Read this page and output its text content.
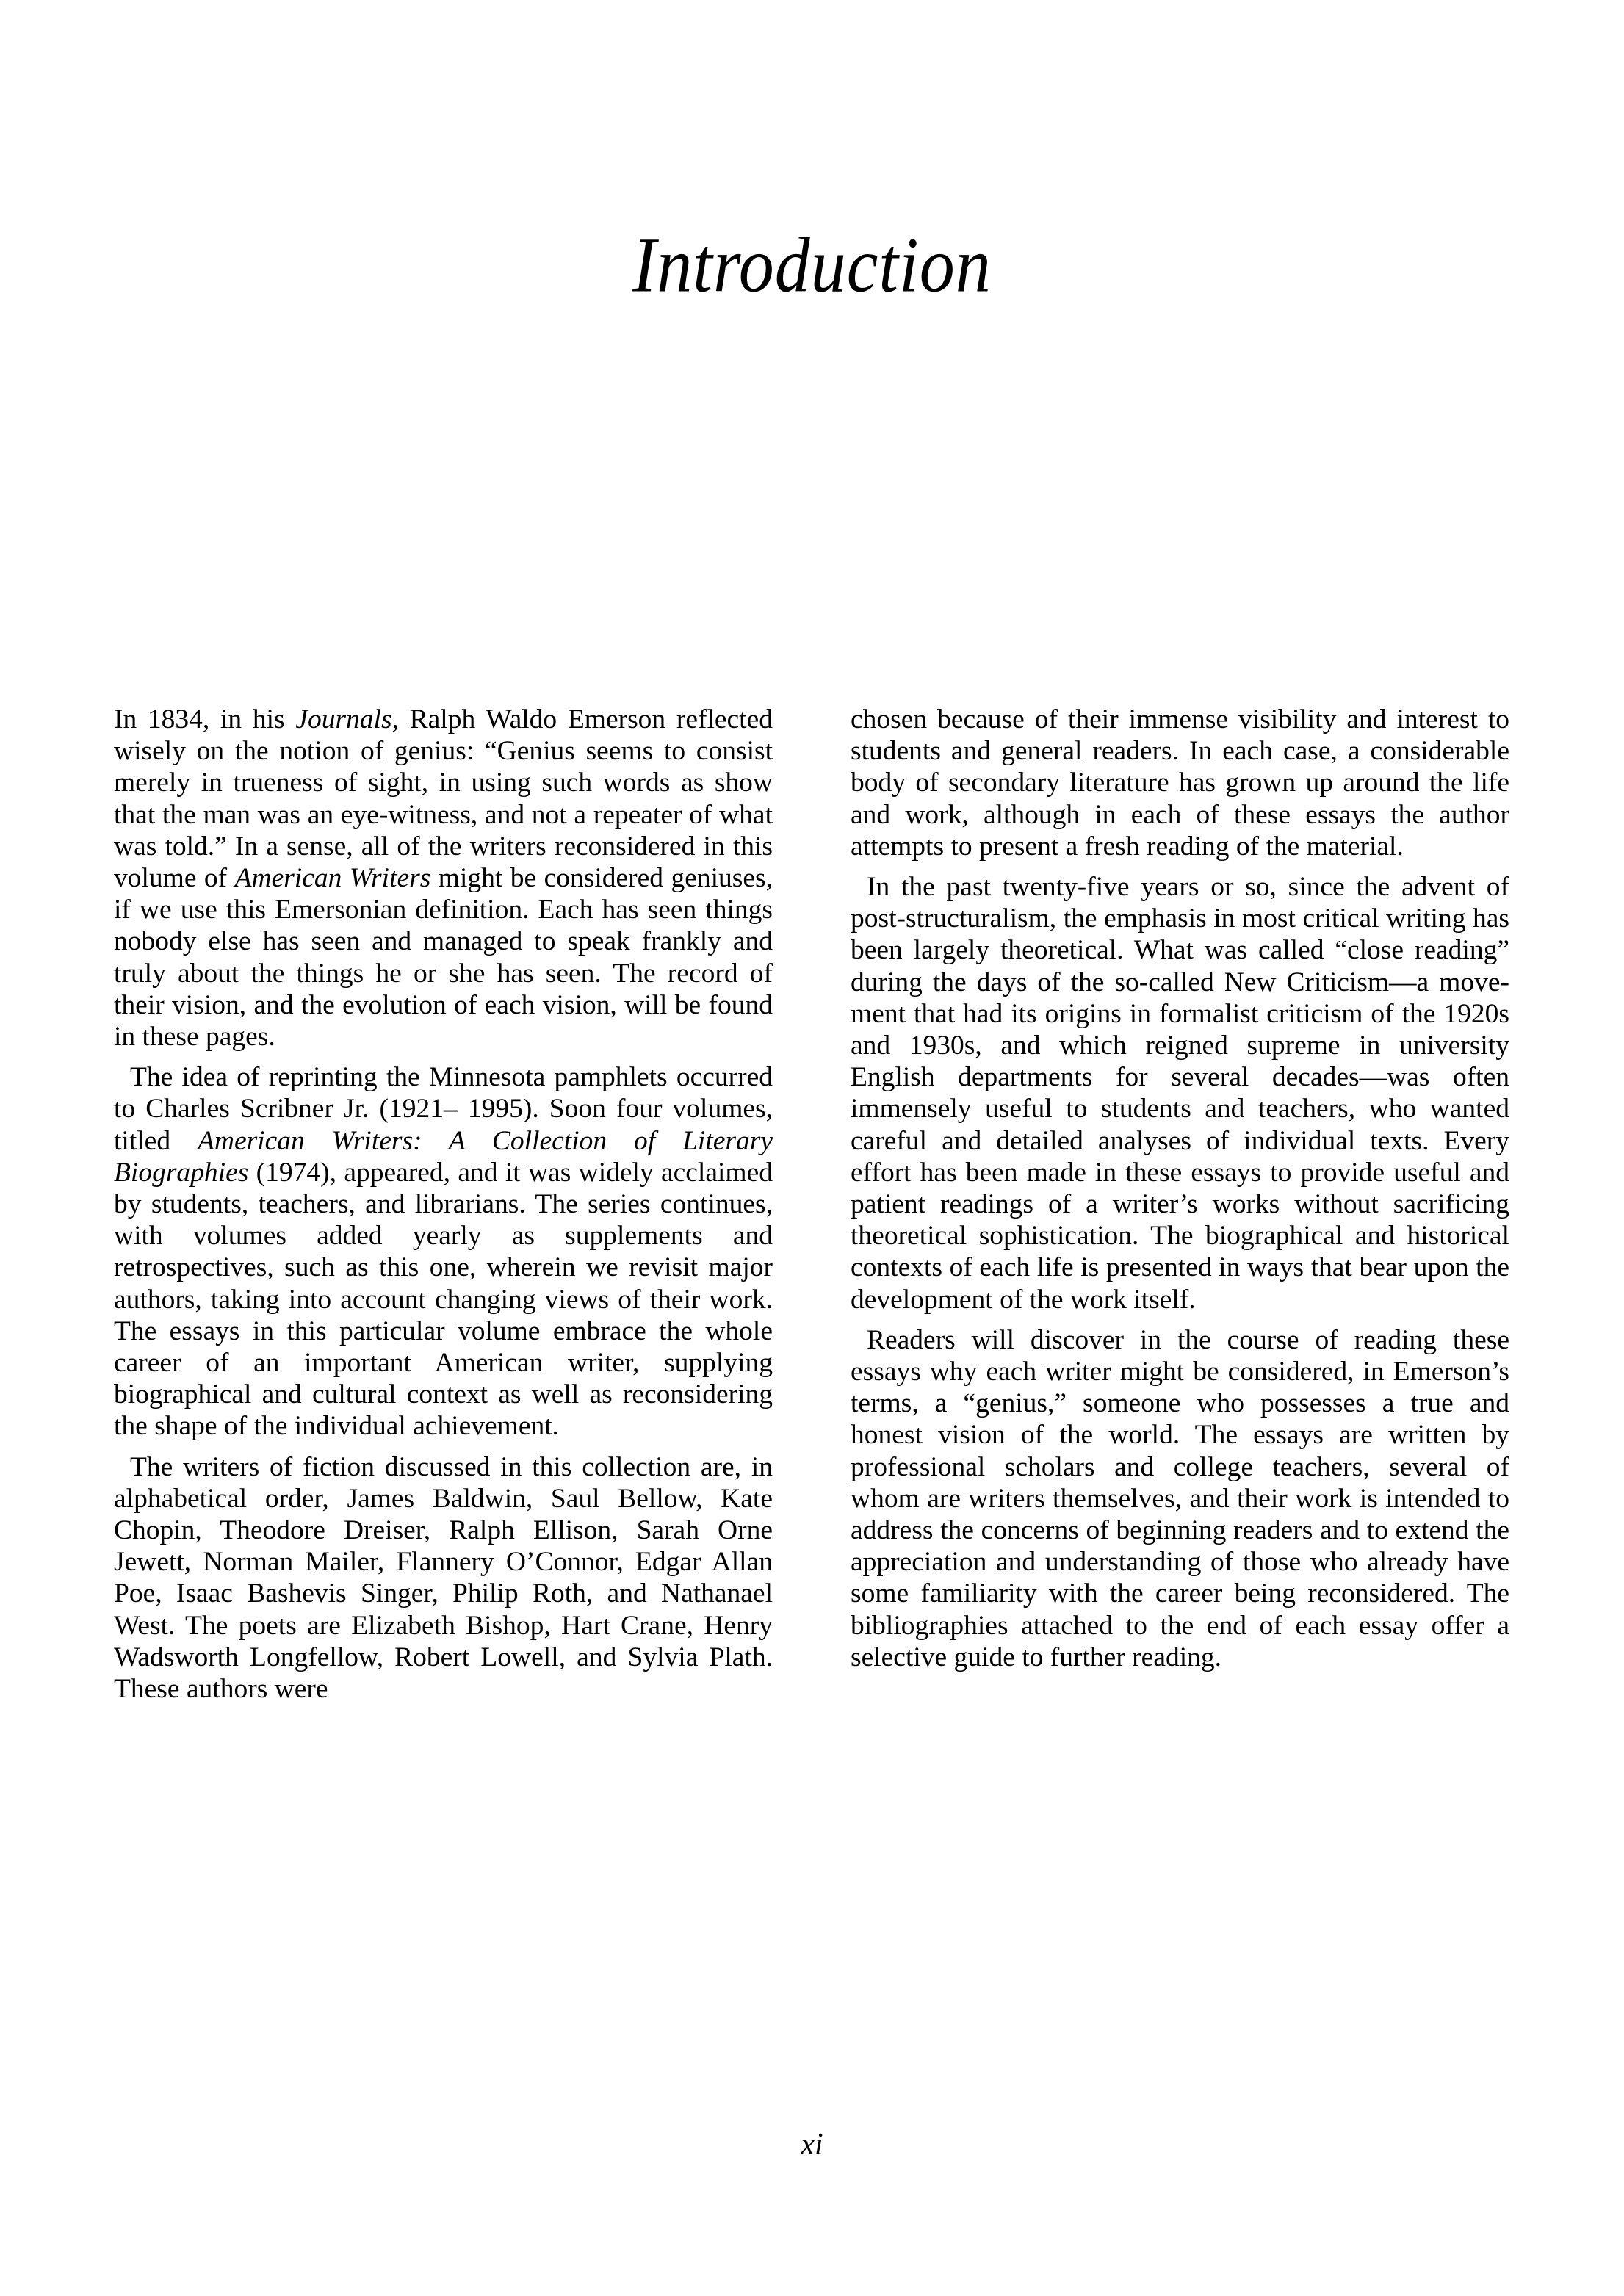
Introduction

In 1834, in his Journals, Ralph Waldo Emerson reflected wisely on the notion of genius: “Genius seems to consist merely in trueness of sight, in using such words as show that the man was an eye-witness, and not a repeater of what was told.” In a sense, all of the writers reconsidered in this volume of American Writers might be considered geniuses, if we use this Emersonian definition. Each has seen things nobody else has seen and managed to speak frankly and truly about the things he or she has seen. The record of their vision, and the evolution of each vision, will be found in these pages.

The idea of reprinting the Minnesota pamphlets occurred to Charles Scribner Jr. (1921– 1995). Soon four volumes, titled American Writers: A Collection of Literary Biographies (1974), appeared, and it was widely acclaimed by students, teachers, and librarians. The series continues, with volumes added yearly as supplements and retrospectives, such as this one, wherein we revisit major authors, taking into account changing views of their work. The essays in this particular volume embrace the whole career of an important American writer, supplying biographical and cultural context as well as reconsidering the shape of the individual achievement.

The writers of fiction discussed in this collection are, in alphabetical order, James Baldwin, Saul Bellow, Kate Chopin, Theodore Dreiser, Ralph Ellison, Sarah Orne Jewett, Norman Mailer, Flannery O’Connor, Edgar Allan Poe, Isaac Bashevis Singer, Philip Roth, and Nathanael West. The poets are Elizabeth Bishop, Hart Crane, Henry Wadsworth Longfellow, Robert Lowell, and Sylvia Plath. These authors were

chosen because of their immense visibility and interest to students and general readers. In each case, a considerable body of secondary literature has grown up around the life and work, although in each of these essays the author attempts to present a fresh reading of the material.

In the past twenty-five years or so, since the advent of post-structuralism, the emphasis in most critical writing has been largely theoretical. What was called “close reading” during the days of the so-called New Criticism—a movement that had its origins in formalist criticism of the 1920s and 1930s, and which reigned supreme in university English departments for several decades—was often immensely useful to students and teachers, who wanted careful and detailed analyses of individual texts. Every effort has been made in these essays to provide useful and patient readings of a writer’s works without sacrificing theoretical sophistication. The biographical and historical contexts of each life is presented in ways that bear upon the development of the work itself.

Readers will discover in the course of reading these essays why each writer might be considered, in Emerson’s terms, a “genius,” someone who possesses a true and honest vision of the world. The essays are written by professional scholars and college teachers, several of whom are writers themselves, and their work is intended to address the concerns of beginning readers and to extend the appreciation and understanding of those who already have some familiarity with the career being reconsidered. The bibliographies attached to the end of each essay offer a selective guide to further reading.

xi
